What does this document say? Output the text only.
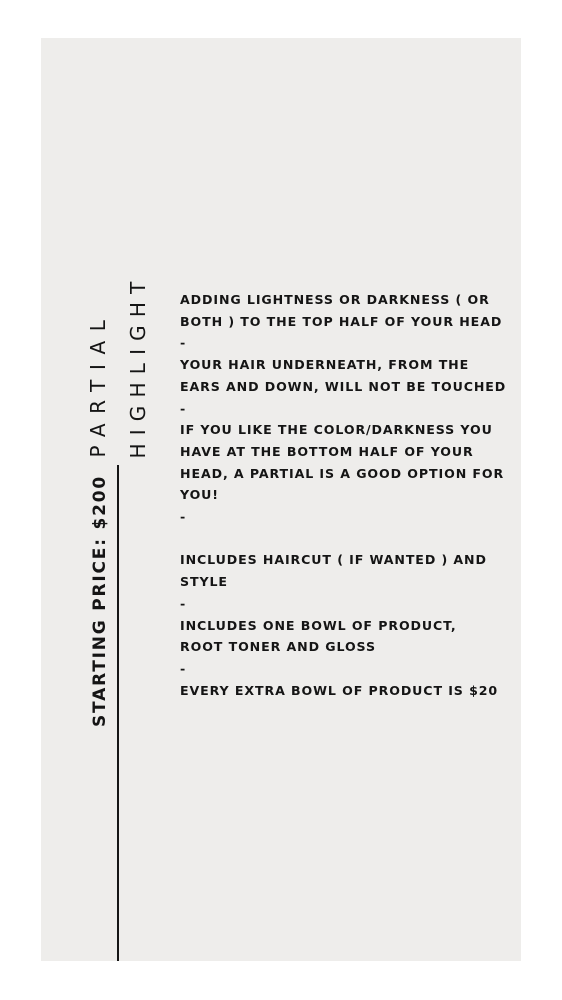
PARTIAL HIGHLIGHT
STARTING PRICE: $200
ADDING LIGHTNESS OR DARKNESS ( OR
BOTH ) TO THE TOP HALF OF YOUR HEAD
-
YOUR HAIR UNDERNEATH, FROM THE
EARS AND DOWN, WILL NOT BE TOUCHED
-
IF YOU LIKE THE COLOR/DARKNESS YOU
HAVE AT THE BOTTOM HALF OF YOUR
HEAD, A PARTIAL IS A GOOD OPTION FOR
YOU!
-

INCLUDES HAIRCUT ( IF WANTED ) AND
STYLE
-
INCLUDES ONE BOWL OF PRODUCT,
ROOT TONER AND GLOSS
-
EVERY EXTRA BOWL OF PRODUCT IS $20
